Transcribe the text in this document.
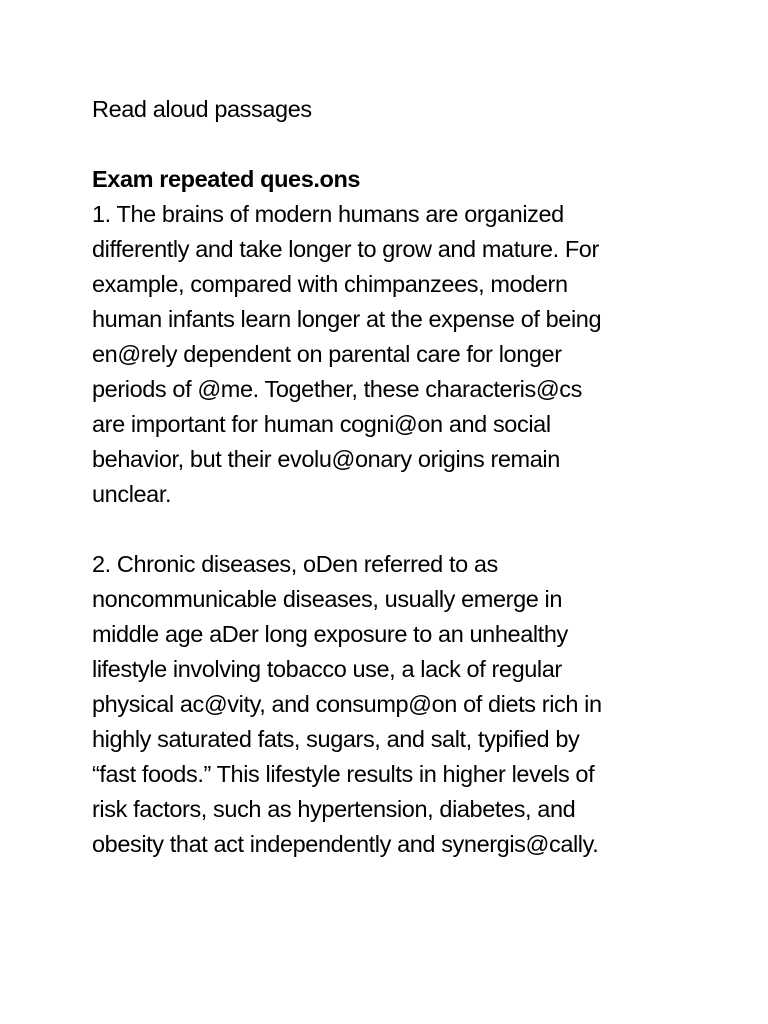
Read aloud passages
Exam repeated ques.ons
1. The brains of modern humans are organized
differently and take longer to grow and mature. For
example, compared with chimpanzees, modern
human infants learn longer at the expense of being
en@rely dependent on parental care for longer
periods of @me. Together, these characteris@cs
are important for human cogni@on and social
behavior, but their evolu@onary origins remain
unclear.
2. Chronic diseases, oDen referred to as
noncommunicable diseases, usually emerge in
middle age aDer long exposure to an unhealthy
lifestyle involving tobacco use, a lack of regular
physical ac@vity, and consump@on of diets rich in
highly saturated fats, sugars, and salt, typified by
“fast foods.” This lifestyle results in higher levels of
risk factors, such as hypertension, diabetes, and
obesity that act independently and synergis@cally.
